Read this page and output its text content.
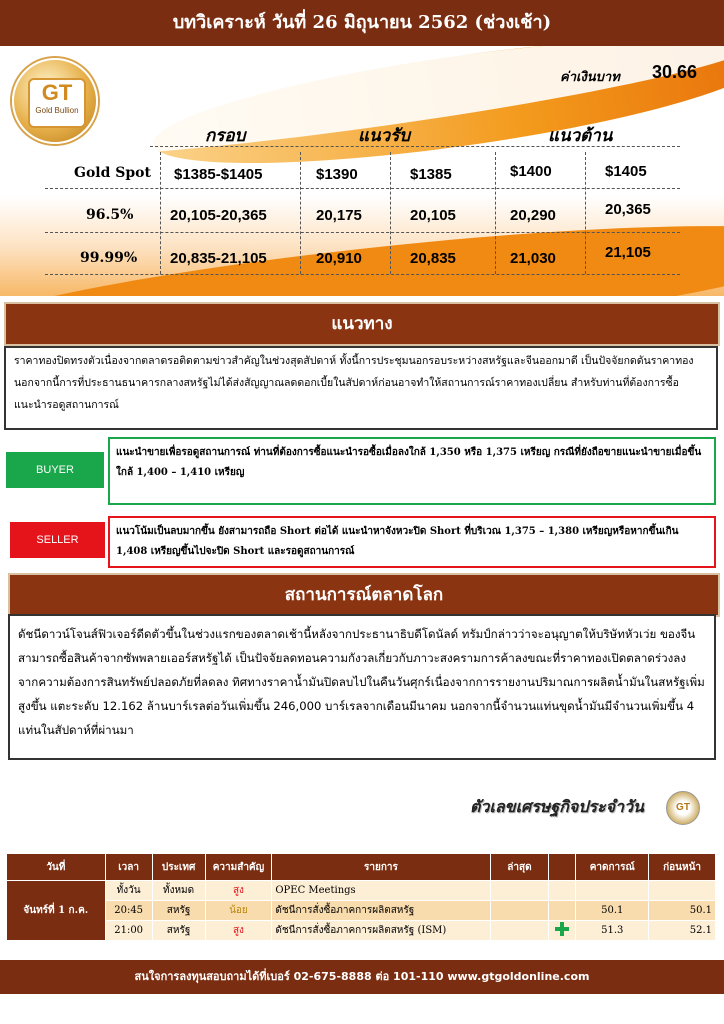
บทวิเคราะห์ วันที่ 26 มิถุนายน 2562 (ช่วงเช้า)
GT
Gold Bullion
ค่าเงินบาท 30.66
กรอบ	แนวรับ	แนวต้าน
Gold Spot $1385-$1405	$1390	$1385	$1400	$1405
96.5% 20,105-20,365	20,175	20,105	20,290	20,365
99.99% 20,835-21,105	20,910	20,835	21,030	21,105
แนวทาง
ราคาทองปิดทรงตัวเนื่องจากตลาดรอติดตามข่าวสำคัญในช่วงสุดสัปดาห์ ทั้งนี้การประชุมนอกรอบระหว่างสหรัฐและจีนออกมาดี เป็นปัจจัยกดดันราคาทอง นอกจากนี้การที่ประธานธนาคารกลางสหรัฐไม่ได้ส่งสัญญาณลดดอกเบี้ยในสัปดาห์ก่อนอาจทำให้สถานการณ์ราคาทองเปลี่ยน สำหรับท่านที่ต้องการซื้อแนะนำรอดูสถานการณ์
BUYER
แนะนำขายเพื่อรอดูสถานการณ์ ท่านที่ต้องการซื้อแนะนำรอซื้อเมื่อลงใกล้ 1,350 หรือ 1,375 เหรียญ กรณีที่ยังถือขายแนะนำขายเมื่อขึ้นใกล้ 1,400 – 1,410 เหรียญ
SELLER
แนวโน้มเป็นลบมากขึ้น ยังสามารถถือ Short ต่อได้ แนะนำหาจังหวะปิด Short ที่บริเวณ 1,375 – 1,380 เหรียญหรือหากขึ้นเกิน 1,408 เหรียญขึ้นไปจะปิด Short และรอดูสถานการณ์
สถานการณ์ตลาดโลก
ดัชนีดาวน์โจนส์ฟิวเจอร์ดีดตัวขึ้นในช่วงแรกของตลาดเช้านี้หลังจากประธานาธิบดีโดนัลด์ ทรัมป์กล่าวว่าจะอนุญาตให้บริษัทหัวเว่ย ของจีนสามารถซื้อสินค้าจากซัพพลายเออร์สหรัฐได้ เป็นปัจจัยลดทอนความกังวลเกี่ยวกับภาวะสงครามการค้าลงขณะที่ราคาทองเปิดตลาดร่วงลงจากความต้องการสินทรัพย์ปลอดภัยที่ลดลง ทิศทางราคาน้ำมันปิดลบไปในคืนวันศุกร์เนื่องจากการรายงานปริมาณการผลิตน้ำมันในสหรัฐเพิ่มสูงขึ้น แตะระดับ 12.162 ล้านบาร์เรลต่อวันเพิ่มขึ้น 246,000 บาร์เรลจากเดือนมีนาคม นอกจากนี้จำนวนแท่นขุดน้ำมันมีจำนวนเพิ่มขึ้น 4 แท่นในสัปดาห์ที่ผ่านมา
ตัวเลขเศรษฐกิจประจำวัน	GT
วันที่	เวลา	ประเทศ	ความสำคัญ	รายการ	ล่าสุด		คาดการณ์	ก่อนหน้า
จันทร์ที่ 1 ก.ค.	ทั้งวัน	ทั้งหมด	สูง	OPEC Meetings				
	20:45	สหรัฐ	น้อย	ดัชนีการสั่งซื้อภาคการผลิตสหรัฐ			50.1	50.1
	21:00	สหรัฐ	สูง	ดัชนีการสั่งซื้อภาคการผลิตสหรัฐ (ISM)			51.3	52.1
สนใจการลงทุนสอบถามได้ที่เบอร์ 02-675-8888 ต่อ 101-110 www.gtgoldonline.com
